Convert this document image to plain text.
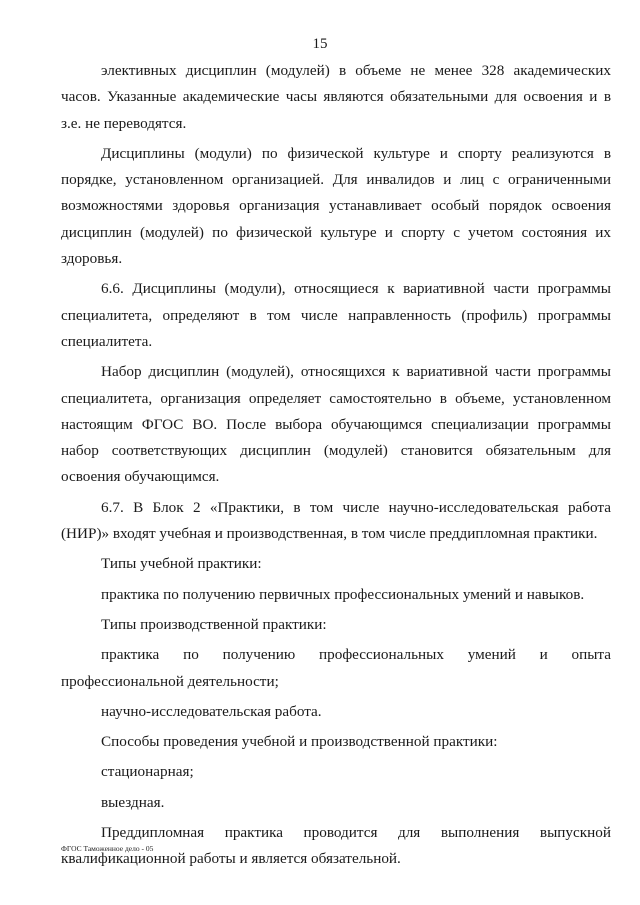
15

элективных дисциплин (модулей) в объеме не менее 328 академических часов. Указанные академические часы являются обязательными для освоения и в з.е. не переводятся.

Дисциплины (модули) по физической культуре и спорту реализуются в порядке, установленном организацией. Для инвалидов и лиц с ограниченными возможностями здоровья организация устанавливает особый порядок освоения дисциплин (модулей) по физической культуре и спорту с учетом состояния их здоровья.

6.6. Дисциплины (модули), относящиеся к вариативной части программы специалитета, определяют в том числе направленность (профиль) программы специалитета.

Набор дисциплин (модулей), относящихся к вариативной части программы специалитета, организация определяет самостоятельно в объеме, установленном настоящим ФГОС ВО. После выбора обучающимся специализации программы набор соответствующих дисциплин (модулей) становится обязательным для освоения обучающимся.

6.7. В Блок 2 «Практики, в том числе научно-исследовательская работа (НИР)» входят учебная и производственная, в том числе преддипломная практики.

Типы учебной практики:

практика по получению первичных профессиональных умений и навыков.

Типы производственной практики:

практика по получению профессиональных умений и опыта профессиональной деятельности;

научно-исследовательская работа.

Способы проведения учебной и производственной практики:

стационарная;

выездная.

Преддипломная практика проводится для выполнения выпускной квалификационной работы и является обязательной.

ФГОС Таможенное дело - 05
